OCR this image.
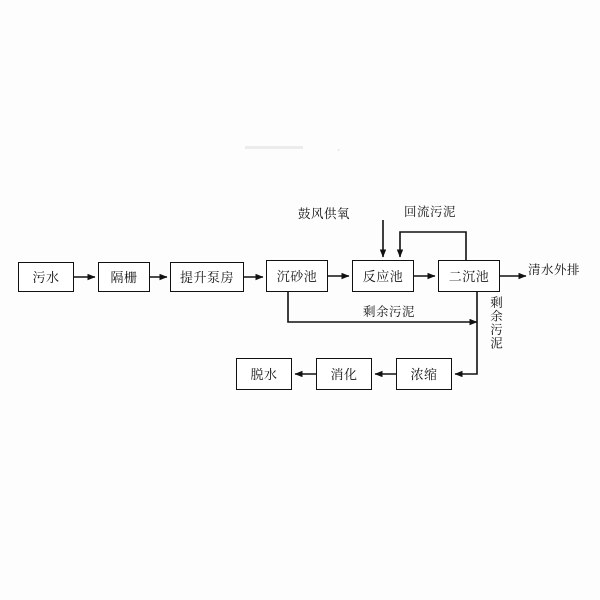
污水	隔栅	提升泵房	沉砂池	反应池	二沉池
脱水	消化	浓缩
鼓风供氧	回流污泥
清水外排
剩余污泥	剩余污泥
